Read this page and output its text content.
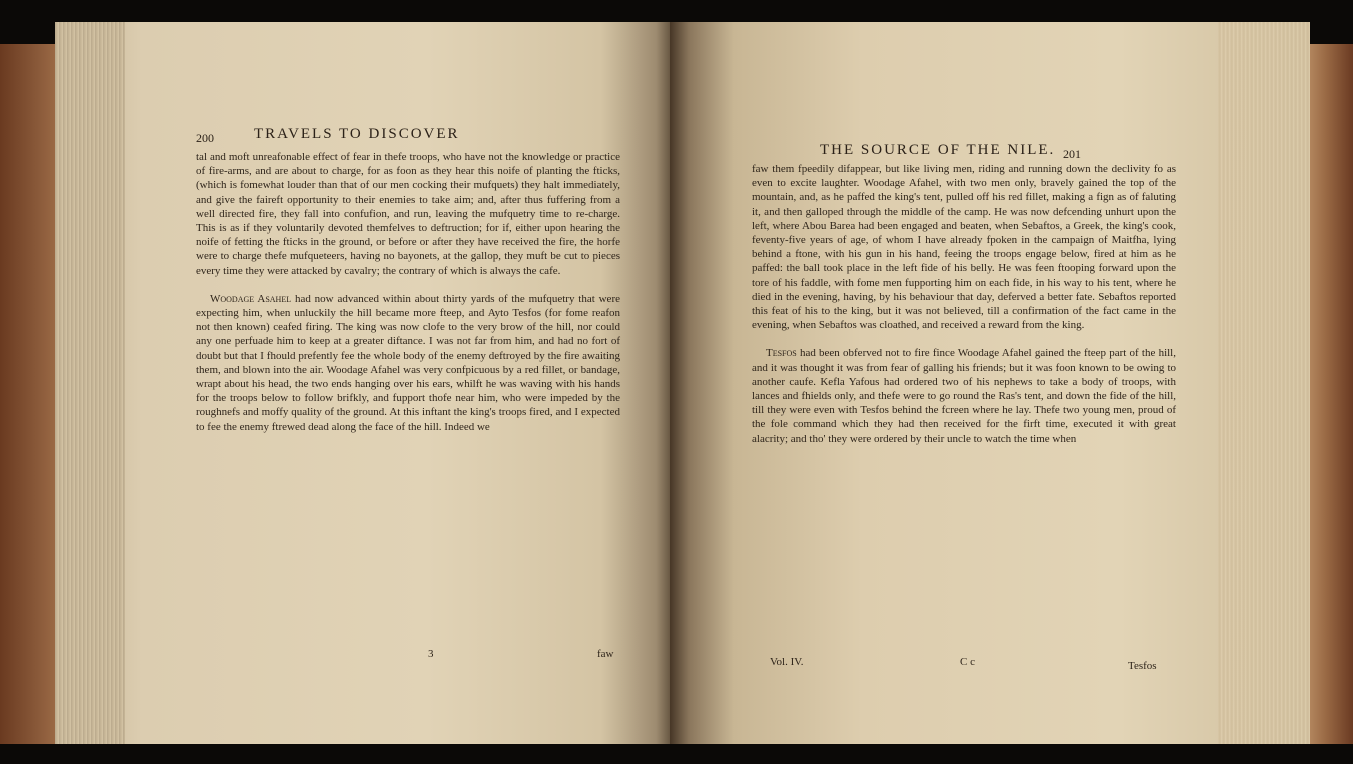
200	TRAVELS TO DISCOVER

tal and moft unreafonable effect of fear in thefe troops, who have not the knowledge or practice of fire-arms, and are about to charge, for as foon as they hear this noife of planting the fticks, (which is fomewhat louder than that of our men cocking their mufquets) they halt immediately, and give the faireft opportunity to their enemies to take aim; and, after thus fuffering from a well directed fire, they fall into confufion, and run, leaving the mufquetry time to re-charge. This is as if they voluntarily devoted themfelves to deftruction; for if, either upon hearing the noife of fetting the fticks in the ground, or before or after they have received the fire, the horfe were to charge thefe mufqueteers, having no bayonets, at the gallop, they muft be cut to pieces every time they were attacked by cavalry; the contrary of which is always the cafe.

Woodage Asahel had now advanced within about thirty yards of the mufquetry that were expecting him, when unluckily the hill became more fteep, and Ayto Tesfos (for fome reafon not then known) ceafed firing. The king was now clofe to the very brow of the hill, nor could any one perfuade him to keep at a greater diftance. I was not far from him, and had no fort of doubt but that I fhould prefently fee the whole body of the enemy deftroyed by the fire awaiting them, and blown into the air. Woodage Afahel was very confpicuous by a red fillet, or bandage, wrapt about his head, the two ends hanging over his ears, whilft he was waving with his hands for the troops below to follow brifkly, and fupport thofe near him, who were impeded by the roughnefs and moffy quality of the ground. At this inftant the king's troops fired, and I expected to fee the enemy ftrewed dead along the face of the hill. Indeed we

3	faw
THE SOURCE OF THE NILE. 201

faw them fpeedily difappear, but like living men, riding and running down the declivity fo as even to excite laughter. Woodage Afahel, with two men only, bravely gained the top of the mountain, and, as he paffed the king's tent, pulled off his red fillet, making a fign as of faluting it, and then galloped through the middle of the camp. He was now defcending unhurt upon the left, where Abou Barea had been engaged and beaten, when Sebaftos, a Greek, the king's cook, feventy-five years of age, of whom I have already fpoken in the campaign of Maitfha, lying behind a ftone, with his gun in his hand, feeing the troops engage below, fired at him as he paffed: the ball took place in the left fide of his belly. He was feen ftooping forward upon the tore of his faddle, with fome men fupporting him on each fide, in his way to his tent, where he died in the evening, having, by his behaviour that day, deferved a better fate. Sebaftos reported this feat of his to the king, but it was not believed, till a confirmation of the fact came in the evening, when Sebaftos was cloathed, and received a reward from the king.

Tesfos had been obferved not to fire fince Woodage Afahel gained the fteep part of the hill, and it was thought it was from fear of galling his friends; but it was foon known to be owing to another caufe. Kefla Yafous had ordered two of his nephews to take a body of troops, with lances and fhields only, and thefe were to go round the Ras's tent, and down the fide of the hill, till they were even with Tesfos behind the fcreen where he lay. Thefe two young men, proud of the fole command which they had then received for the firft time, executed it with great alacrity; and tho' they were ordered by their uncle to watch the time when

Vol. IV.	C c	Tesfos
